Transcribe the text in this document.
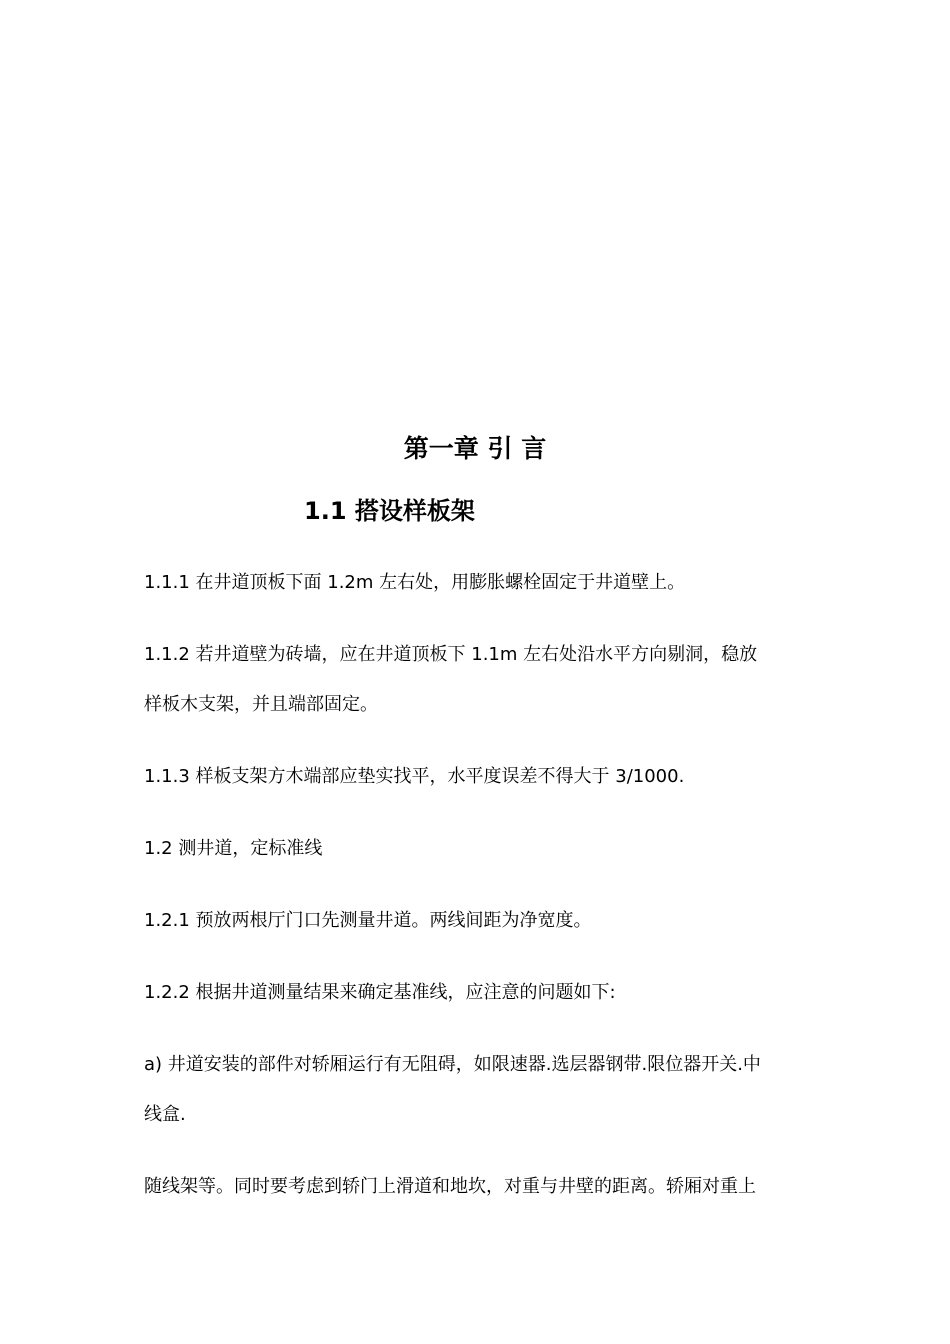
第一章 引 言
1.1 搭设样板架

1.1.1 在井道顶板下面 1.2m 左右处，用膨胀螺栓固定于井道壁上。

1.1.2 若井道壁为砖墙，应在井道顶板下 1.1m 左右处沿水平方向剔洞，稳放

样板木支架，并且端部固定。

1.1.3 样板支架方木端部应垫实找平，水平度误差不得大于 3/1000.

1.2 测井道，定标准线

1.2.1 预放两根厅门口先测量井道。两线间距为净宽度。

1.2.2 根据井道测量结果来确定基准线，应注意的问题如下:

a) 井道安装的部件对轿厢运行有无阻碍，如限速器.选层器钢带.限位器开关.中

线盒.

随线架等。同时要考虑到轿门上滑道和地坎，对重与井壁的距离。轿厢对重上
